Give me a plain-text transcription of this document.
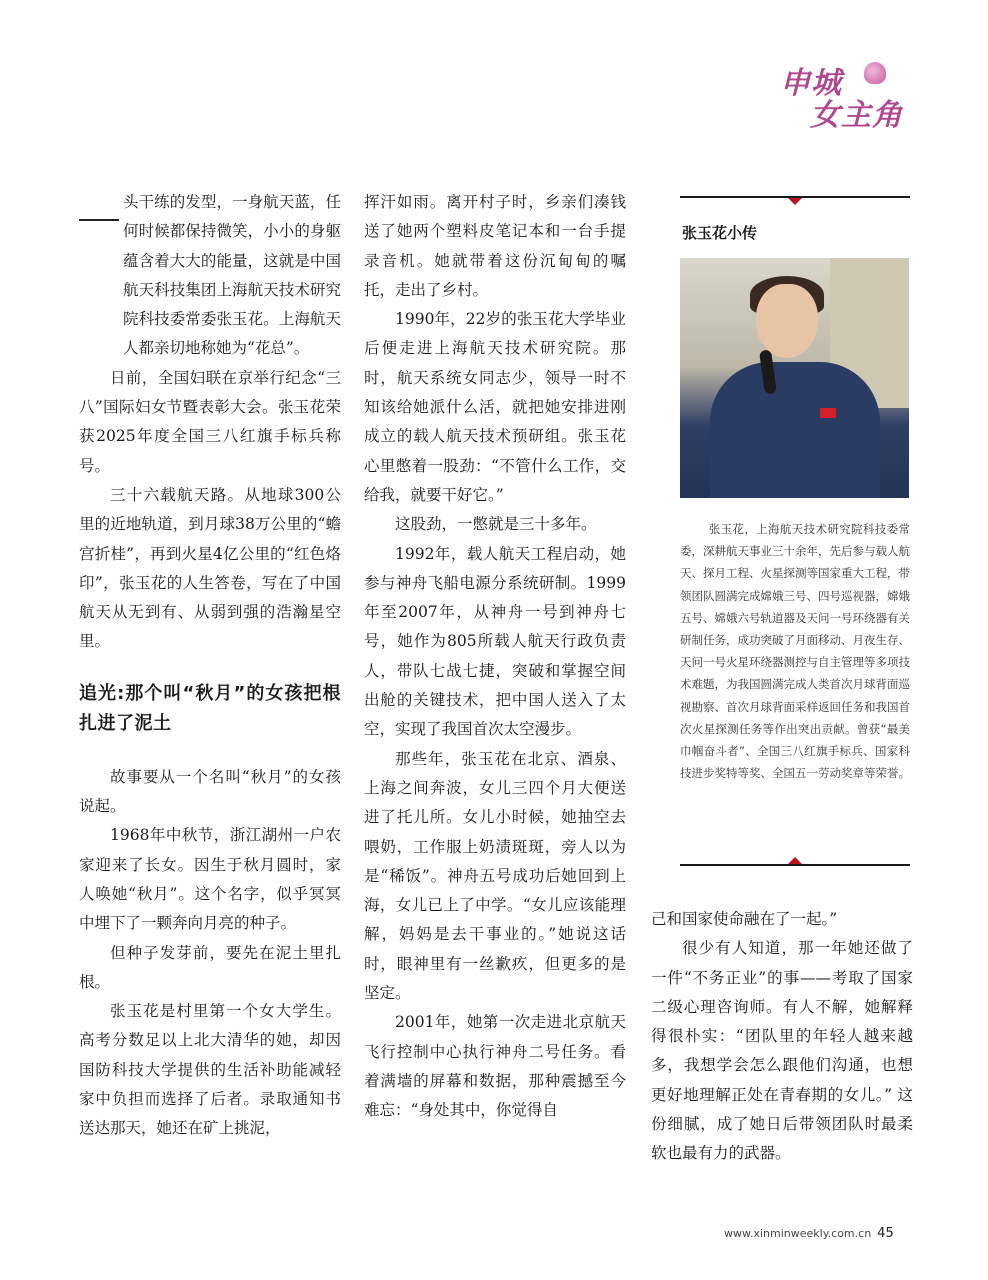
申城
女主角

头干练的发型，一身航天蓝，任何时候都保持微笑，小小的身躯蕴含着大大的能量，这就是中国航天科技集团上海航天技术研究院科技委常委张玉花。上海航天人都亲切地称她为“花总”。

日前，全国妇联在京举行纪念“三八”国际妇女节暨表彰大会。张玉花荣获2025年度全国三八红旗手标兵称号。

三十六载航天路。从地球300公里的近地轨道，到月球38万公里的“蟾宫折桂”，再到火星4亿公里的“红色烙印”，张玉花的人生答卷，写在了中国航天从无到有、从弱到强的浩瀚星空里。

追光:那个叫“秋月”的女孩把根扎进了泥土

故事要从一个名叫“秋月”的女孩说起。

1968年中秋节，浙江湖州一户农家迎来了长女。因生于秋月圆时，家人唤她“秋月”。这个名字，似乎冥冥中埋下了一颗奔向月亮的种子。

但种子发芽前，要先在泥土里扎根。

张玉花是村里第一个女大学生。高考分数足以上北大清华的她，却因国防科技大学提供的生活补助能减轻家中负担而选择了后者。录取通知书送达那天，她还在矿上挑泥，

挥汗如雨。离开村子时，乡亲们凑钱送了她两个塑料皮笔记本和一台手提录音机。她就带着这份沉甸甸的嘱托，走出了乡村。

1990年，22岁的张玉花大学毕业后便走进上海航天技术研究院。那时，航天系统女同志少，领导一时不知该给她派什么活，就把她安排进刚成立的载人航天技术预研组。张玉花心里憋着一股劲：“不管什么工作，交给我，就要干好它。”

这股劲，一憋就是三十多年。

1992年，载人航天工程启动，她参与神舟飞船电源分系统研制。1999年至2007年，从神舟一号到神舟七号，她作为805所载人航天行政负责人，带队七战七捷，突破和掌握空间出舱的关键技术，把中国人送入了太空，实现了我国首次太空漫步。

那些年，张玉花在北京、酒泉、上海之间奔波，女儿三四个月大便送进了托儿所。女儿小时候，她抽空去喂奶，工作服上奶渍斑斑，旁人以为是“稀饭”。神舟五号成功后她回到上海，女儿已上了中学。“女儿应该能理解，妈妈是去干事业的。”她说这话时，眼神里有一丝歉疚，但更多的是坚定。

2001年，她第一次走进北京航天飞行控制中心执行神舟二号任务。看着满墙的屏幕和数据，那种震撼至今难忘：“身处其中，你觉得自

张玉花小传

张玉花，上海航天技术研究院科技委常委，深耕航天事业三十余年，先后参与载人航天、探月工程、火星探测等国家重大工程，带领团队圆满完成嫦娥三号、四号巡视器，嫦娥五号、嫦娥六号轨道器及天问一号环绕器有关研制任务，成功突破了月面移动、月夜生存、天问一号火星环绕器测控与自主管理等多项技术难题，为我国圆满完成人类首次月球背面巡视勘察、首次月球背面采样返回任务和我国首次火星探测任务等作出突出贡献。曾获“最美巾帼奋斗者”、全国三八红旗手标兵、国家科技进步奖特等奖、全国五一劳动奖章等荣誉。

己和国家使命融在了一起。”

很少有人知道，那一年她还做了一件“不务正业”的事——考取了国家二级心理咨询师。有人不解，她解释得很朴实：“团队里的年轻人越来越多，我想学会怎么跟他们沟通，也想更好地理解正处在青春期的女儿。” 这份细腻，成了她日后带领团队时最柔软也最有力的武器。

www.xinminweekly.com.cn 45
